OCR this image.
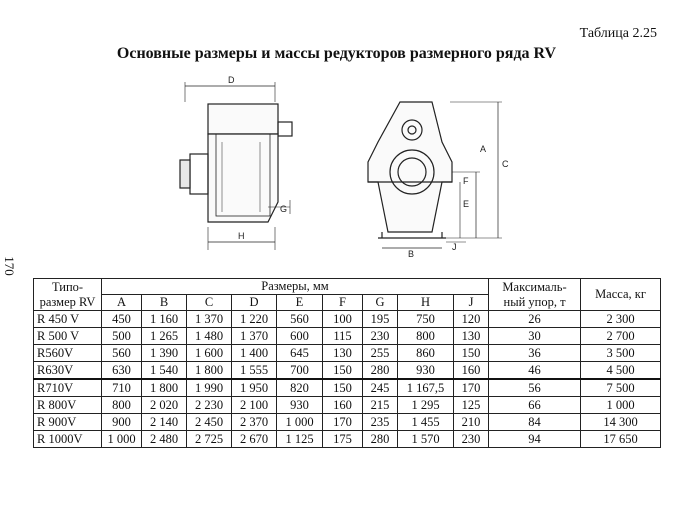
170
Таблица 2.25
Основные размеры и массы редукторов размерного ряда RV
D
G
H
A
C
F
E
B
J
Типо- размер RV	Размеры, мм									Максималь- ный упор, т	Масса, кг
	A	B	C	D	E	F	G	H	J		
R 450 V	450	1 160	1 370	1 220	560	100	195	750	120	26	2 300
R 500 V	500	1 265	1 480	1 370	600	115	230	800	130	30	2 700
R560V	560	1 390	1 600	1 400	645	130	255	860	150	36	3 500
R630V	630	1 540	1 800	1 555	700	150	280	930	160	46	4 500
R710V	710	1 800	1 990	1 950	820	150	245	1 167,5	170	56	7 500
R 800V	800	2 020	2 230	2 100	930	160	215	1 295	125	66	1 000
R 900V	900	2 140	2 450	2 370	1 000	170	235	1 455	210	84	14 300
R 1000V	1 000	2 480	2 725	2 670	1 125	175	280	1 570	230	94	17 650
